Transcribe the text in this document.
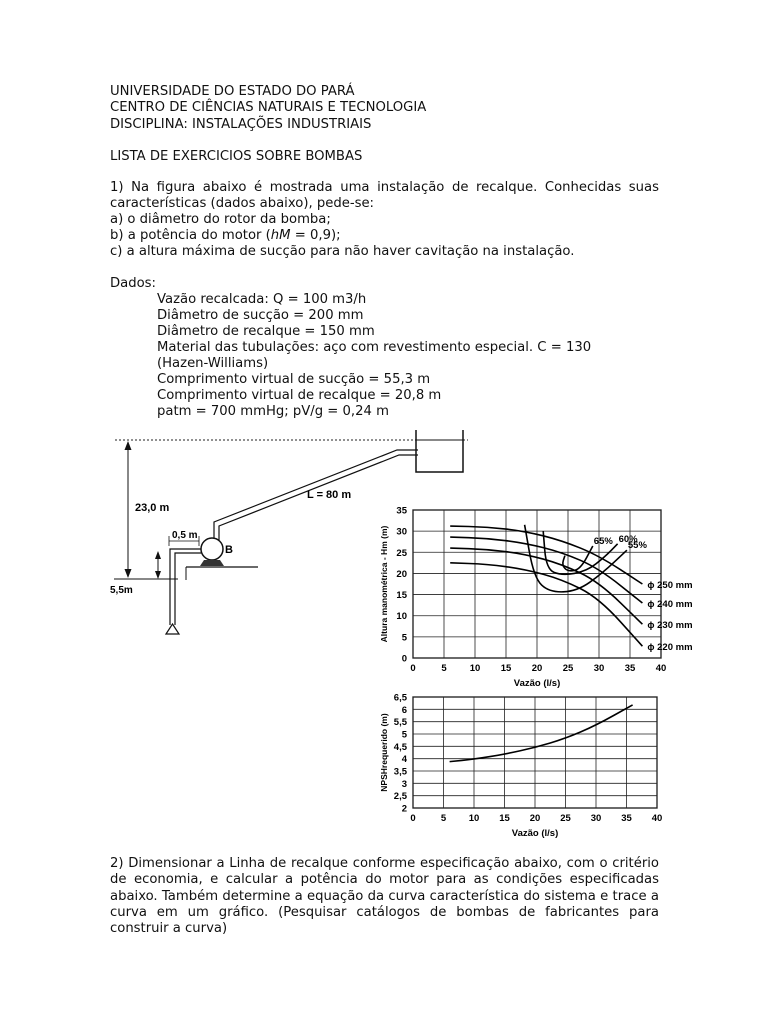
UNIVERSIDADE DO ESTADO DO PARÁ
CENTRO DE CIÊNCIAS NATURAIS E TECNOLOGIA
DISCIPLINA: INSTALAÇÕES INDUSTRIAIS
LISTA DE EXERCICIOS SOBRE BOMBAS
1) Na figura abaixo é mostrada uma instalação de recalque. Conhecidas suas características (dados abaixo), pede-se:
a) o diâmetro do rotor da bomba;
b) a potência do motor (hM = 0,9);
c) a altura máxima de sucção para não haver cavitação na instalação.
Dados:
Vazão recalcada: Q = 100 m3/h
Diâmetro de sucção = 200 mm
Diâmetro de recalque = 150 mm
Material das tubulações: aço com revestimento especial. C = 130
(Hazen-Williams)
Comprimento virtual de sucção = 55,3 m
Comprimento virtual de recalque = 20,8 m
patm = 700 mmHg; pV/g = 0,24 m
23,0 m
L = 80 m
0,5 m
B
5,5m
0	5 10 15 20 25 30 35 40
0
5
10
15
20
25
30
35
Vazão (l/s)
Altura manométrica - Hm (m)	ɸ 250 mm
ɸ 240 mm
ɸ 230 mm
ɸ 220 mm
65% 60%
55%
0	5 10 15 20 25 30 35 40
2
2,5
3
3,5
4
4,5
5
5,5
6
6,5
Vazão (l/s)
NPSHrequerido (m)
2) Dimensionar a Linha de recalque conforme especificação abaixo, com o critério de economia, e calcular a potência do motor para as condições especificadas abaixo. Também determine a equação da curva característica do sistema e trace a curva em um gráfico. (Pesquisar catálogos de bombas de fabricantes para construir a curva)
